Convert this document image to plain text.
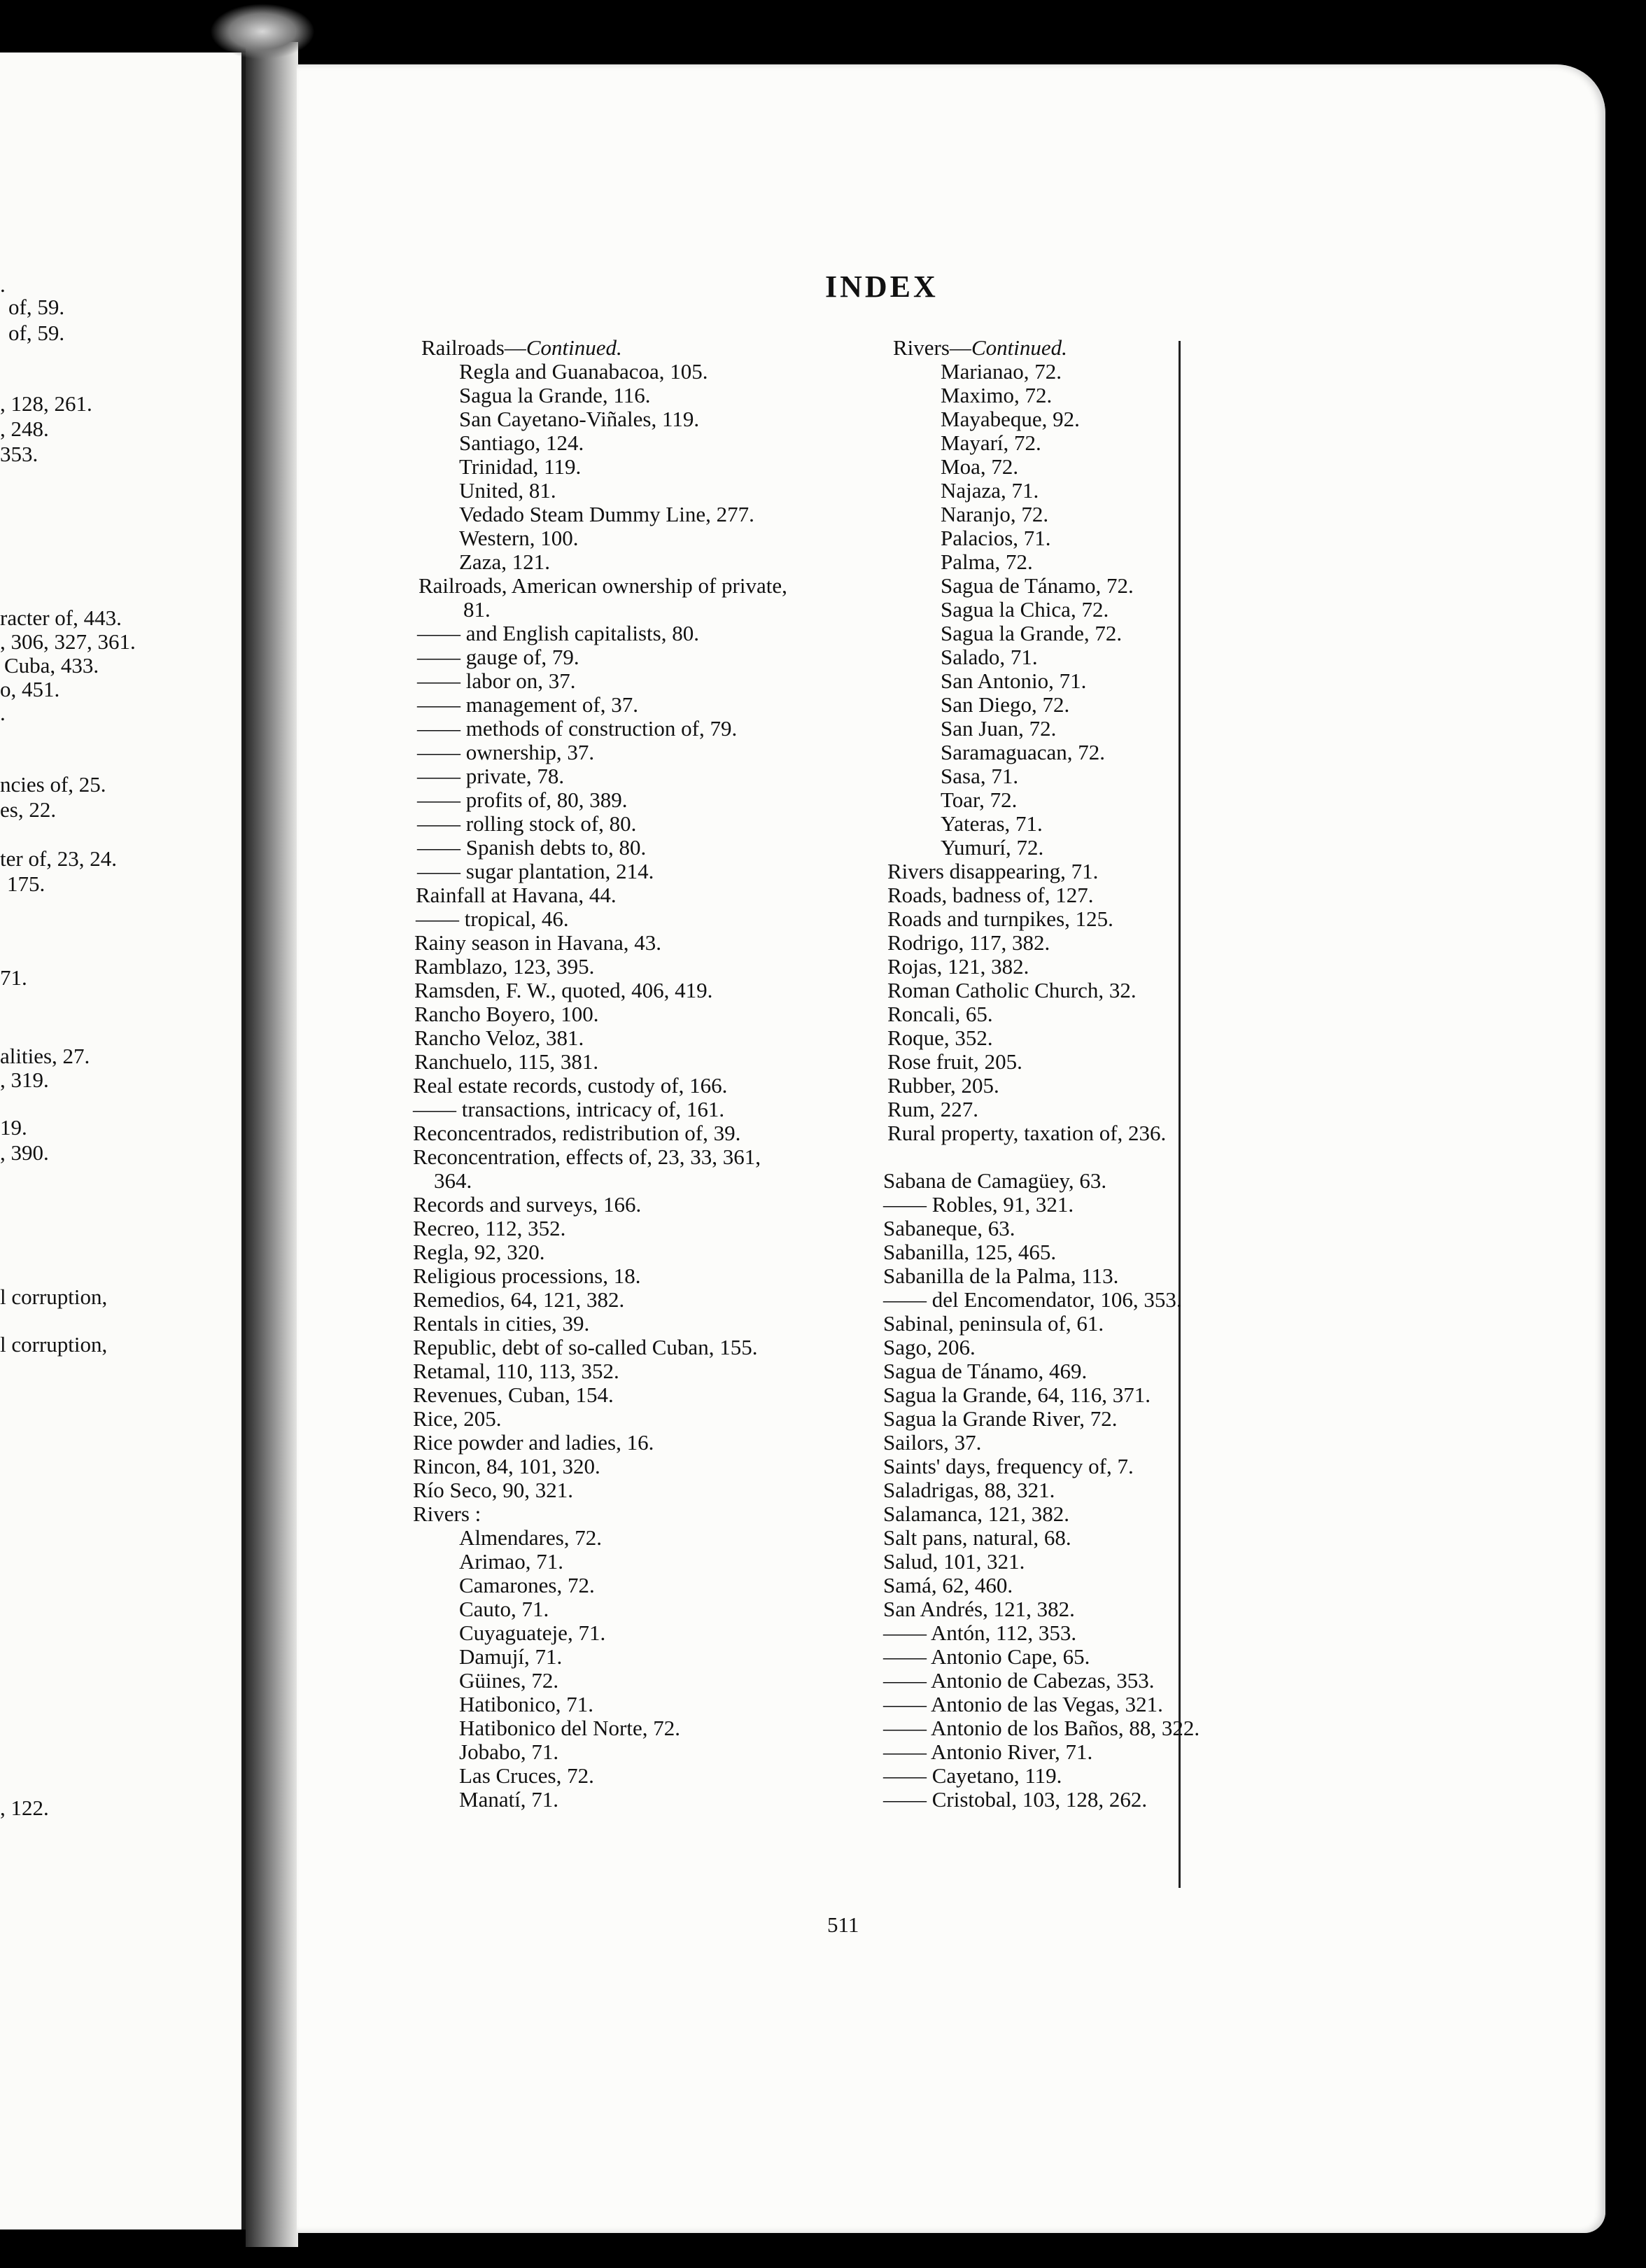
.
of, 59.
of, 59.
, 128, 261.
, 248.
353.
racter of, 443.
, 306, 327, 361.
Cuba, 433.
o, 451.
.
ncies of, 25.
es, 22.
ter of, 23, 24.
175.
71.
alities, 27.
, 319.
19.
, 390.
l corruption,
l corruption,
, 122.
INDEX
Railroads—Continued.
Regla and Guanabacoa, 105.
Sagua la Grande, 116.
San Cayetano-Viñales, 119.
Santiago, 124.
Trinidad, 119.
United, 81.
Vedado Steam Dummy Line, 277.
Western, 100.
Zaza, 121.
Railroads, American ownership of private,
81.
—— and English capitalists, 80.
—— gauge of, 79.
—— labor on, 37.
—— management of, 37.
—— methods of construction of, 79.
—— ownership, 37.
—— private, 78.
—— profits of, 80, 389.
—— rolling stock of, 80.
—— Spanish debts to, 80.
—— sugar plantation, 214.
Rainfall at Havana, 44.
—— tropical, 46.
Rainy season in Havana, 43.
Ramblazo, 123, 395.
Ramsden, F. W., quoted, 406, 419.
Rancho Boyero, 100.
Rancho Veloz, 381.
Ranchuelo, 115, 381.
Real estate records, custody of, 166.
—— transactions, intricacy of, 161.
Reconcentrados, redistribution of, 39.
Reconcentration, effects of, 23, 33, 361,
364.
Records and surveys, 166.
Recreo, 112, 352.
Regla, 92, 320.
Religious processions, 18.
Remedios, 64, 121, 382.
Rentals in cities, 39.
Republic, debt of so-called Cuban, 155.
Retamal, 110, 113, 352.
Revenues, Cuban, 154.
Rice, 205.
Rice powder and ladies, 16.
Rincon, 84, 101, 320.
Río Seco, 90, 321.
Rivers :
Almendares, 72.
Arimao, 71.
Camarones, 72.
Cauto, 71.
Cuyaguateje, 71.
Damují, 71.
Güines, 72.
Hatibonico, 71.
Hatibonico del Norte, 72.
Jobabo, 71.
Las Cruces, 72.
Manatí, 71.
Rivers—Continued.
Marianao, 72.
Maximo, 72.
Mayabeque, 92.
Mayarí, 72.
Moa, 72.
Najaza, 71.
Naranjo, 72.
Palacios, 71.
Palma, 72.
Sagua de Tánamo, 72.
Sagua la Chica, 72.
Sagua la Grande, 72.
Salado, 71.
San Antonio, 71.
San Diego, 72.
San Juan, 72.
Saramaguacan, 72.
Sasa, 71.
Toar, 72.
Yateras, 71.
Yumurí, 72.
Rivers disappearing, 71.
Roads, badness of, 127.
Roads and turnpikes, 125.
Rodrigo, 117, 382.
Rojas, 121, 382.
Roman Catholic Church, 32.
Roncali, 65.
Roque, 352.
Rose fruit, 205.
Rubber, 205.
Rum, 227.
Rural property, taxation of, 236.
Sabana de Camagüey, 63.
—— Robles, 91, 321.
Sabaneque, 63.
Sabanilla, 125, 465.
Sabanilla de la Palma, 113.
—— del Encomendator, 106, 353.
Sabinal, peninsula of, 61.
Sago, 206.
Sagua de Tánamo, 469.
Sagua la Grande, 64, 116, 371.
Sagua la Grande River, 72.
Sailors, 37.
Saints' days, frequency of, 7.
Saladrigas, 88, 321.
Salamanca, 121, 382.
Salt pans, natural, 68.
Salud, 101, 321.
Samá, 62, 460.
San Andrés, 121, 382.
—— Antón, 112, 353.
—— Antonio Cape, 65.
—— Antonio de Cabezas, 353.
—— Antonio de las Vegas, 321.
—— Antonio de los Baños, 88, 322.
—— Antonio River, 71.
—— Cayetano, 119.
—— Cristobal, 103, 128, 262.
511
